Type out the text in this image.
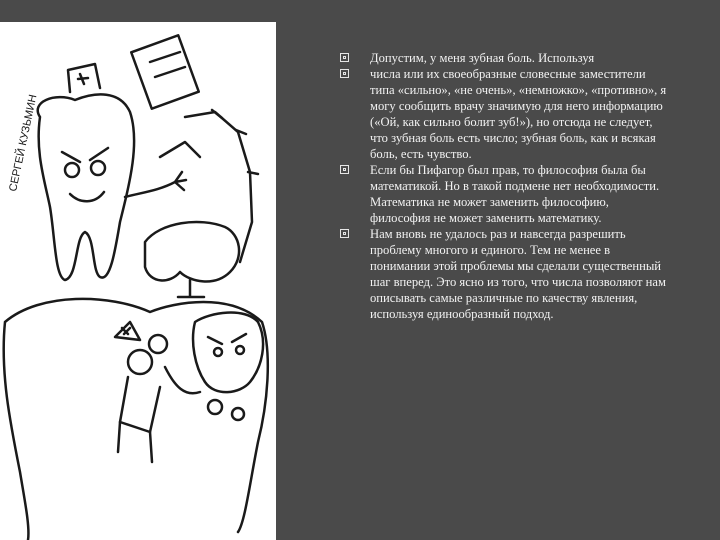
СЕРГЕЙ КУЗЬМИН

Допустим, у меня зубная боль. Используя

числа или их своеобразные словесные заместители типа «сильно», «не очень», «немножко», «противно», я могу сообщить врачу значимую для него информацию («Ой, как сильно болит зуб!»), но отсюда не следует, что зубная боль есть число; зубная боль, как и всякая боль, есть чувство.

Если бы Пифагор был прав, то философия была бы математикой. Но в такой подмене нет необходимости. Математика не может заменить философию, философия не может заменить математику.

Нам вновь не удалось раз и навсегда разрешить проблему многого и единого. Тем не менее в понимании этой проблемы мы сделали существенный шаг вперед. Это ясно из того, что числа позволяют нам описывать самые различные по качеству явления, используя единообразный подход.
